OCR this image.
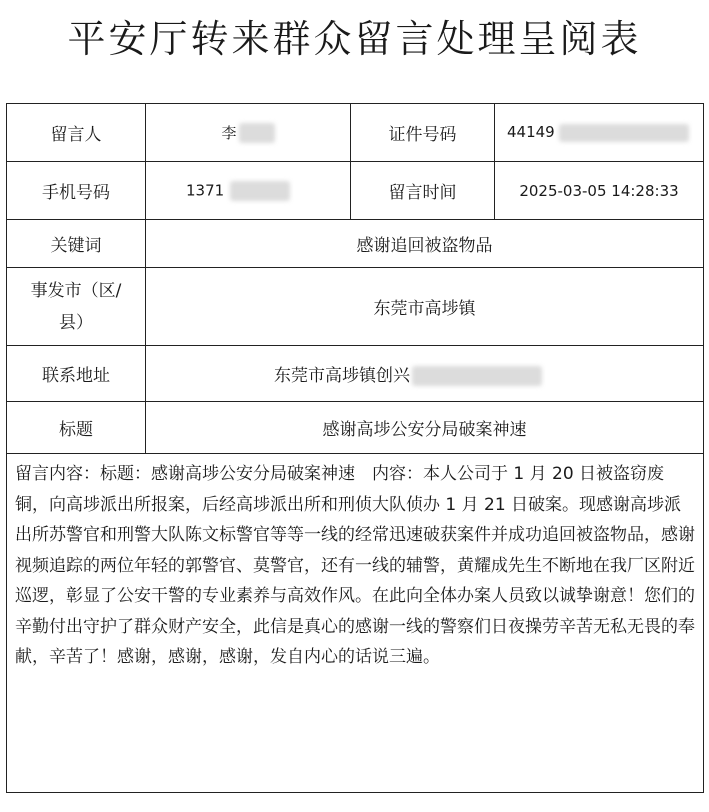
平安厅转来群众留言处理呈阅表
留言人	李	证件号码	44149
手机号码	1371	留言时间	2025-03-05 14:28:33
关键词	感谢追回被盗物品		
事发市（区/县）	东莞市高埗镇		
联系地址	东莞市高埗镇创兴		
标题	感谢高埗公安分局破案神速		
留言内容：标题：感谢高埗公安分局破案神速　内容：本人公司于 1 月 20 日被盗窃废铜，向高埗派出所报案，后经高埗派出所和刑侦大队侦办 1 月 21 日破案。现感谢高埗派出所苏警官和刑警大队陈文标警官等等一线的经常迅速破获案件并成功追回被盗物品，感谢视频追踪的两位年轻的郭警官、莫警官，还有一线的辅警，黄耀成先生不断地在我厂区附近巡逻，彰显了公安干警的专业素养与高效作风。在此向全体办案人员致以诚挚谢意！您们的辛勤付出守护了群众财产安全，此信是真心的感谢一线的警察们日夜操劳辛苦无私无畏的奉献，辛苦了！感谢，感谢，感谢，发自内心的话说三遍。			
